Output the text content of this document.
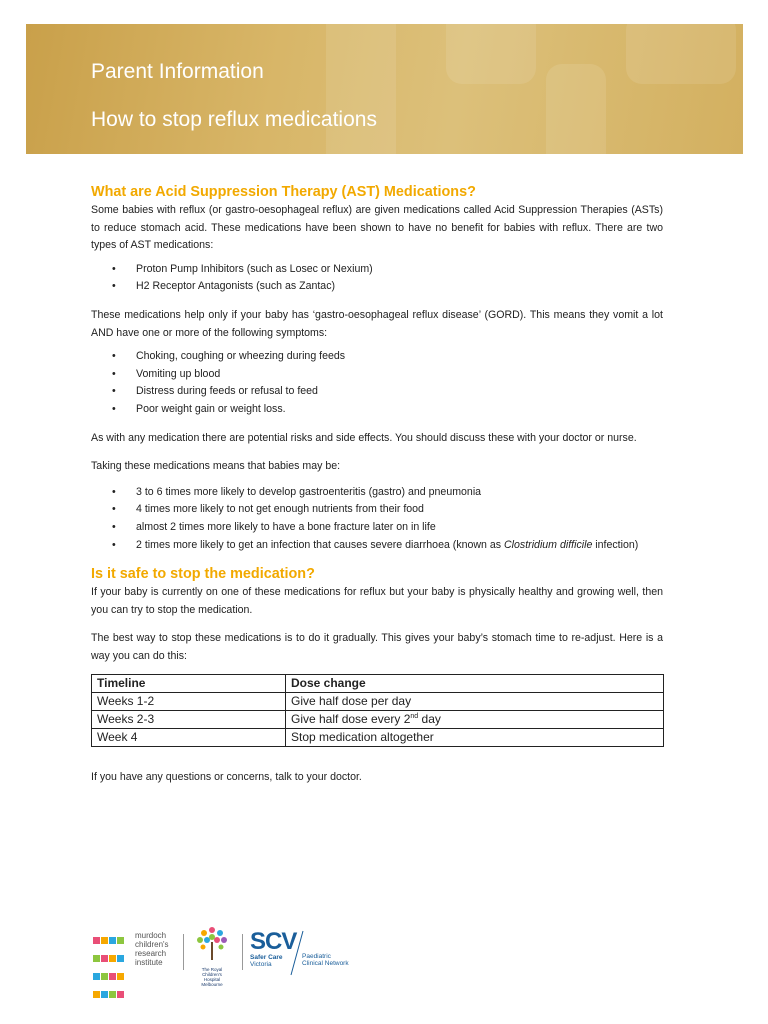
Parent Information
How to stop reflux medications
What are Acid Suppression Therapy (AST) Medications?

Some babies with reflux (or gastro-oesophageal reflux) are given medications called Acid Suppression Therapies (ASTs) to reduce stomach acid. These medications have been shown to have no benefit for babies with reflux. There are two types of AST medications:

• Proton Pump Inhibitors (such as Losec or Nexium)
• H2 Receptor Antagonists (such as Zantac)

These medications help only if your baby has ‘gastro-oesophageal reflux disease’ (GORD). This means they vomit a lot AND have one or more of the following symptoms:

• Choking, coughing or wheezing during feeds
• Vomiting up blood
• Distress during feeds or refusal to feed
• Poor weight gain or weight loss.

As with any medication there are potential risks and side effects. You should discuss these with your doctor or nurse.

Taking these medications means that babies may be:

• 3 to 6 times more likely to develop gastroenteritis (gastro) and pneumonia
• 4 times more likely to not get enough nutrients from their food
• almost 2 times more likely to have a bone fracture later on in life
• 2 times more likely to get an infection that causes severe diarrhoea (known as Clostridium difficile infection)
Is it safe to stop the medication?

If your baby is currently on one of these medications for reflux but your baby is physically healthy and growing well, then you can try to stop the medication.

The best way to stop these medications is to do it gradually. This gives your baby’s stomach time to re-adjust. Here is a way you can do this:

Timeline	Dose change
Weeks 1-2	Give half dose per day
Weeks 2-3	Give half dose every 2nd day
Week 4	Stop medication altogether

If you have any questions or concerns, talk to your doctor.

murdoch
children's
research
institute
The Royal
Children's
Hospital
Melbourne
SCV
Safer Care
Victoria
Paediatric
Clinical Network
